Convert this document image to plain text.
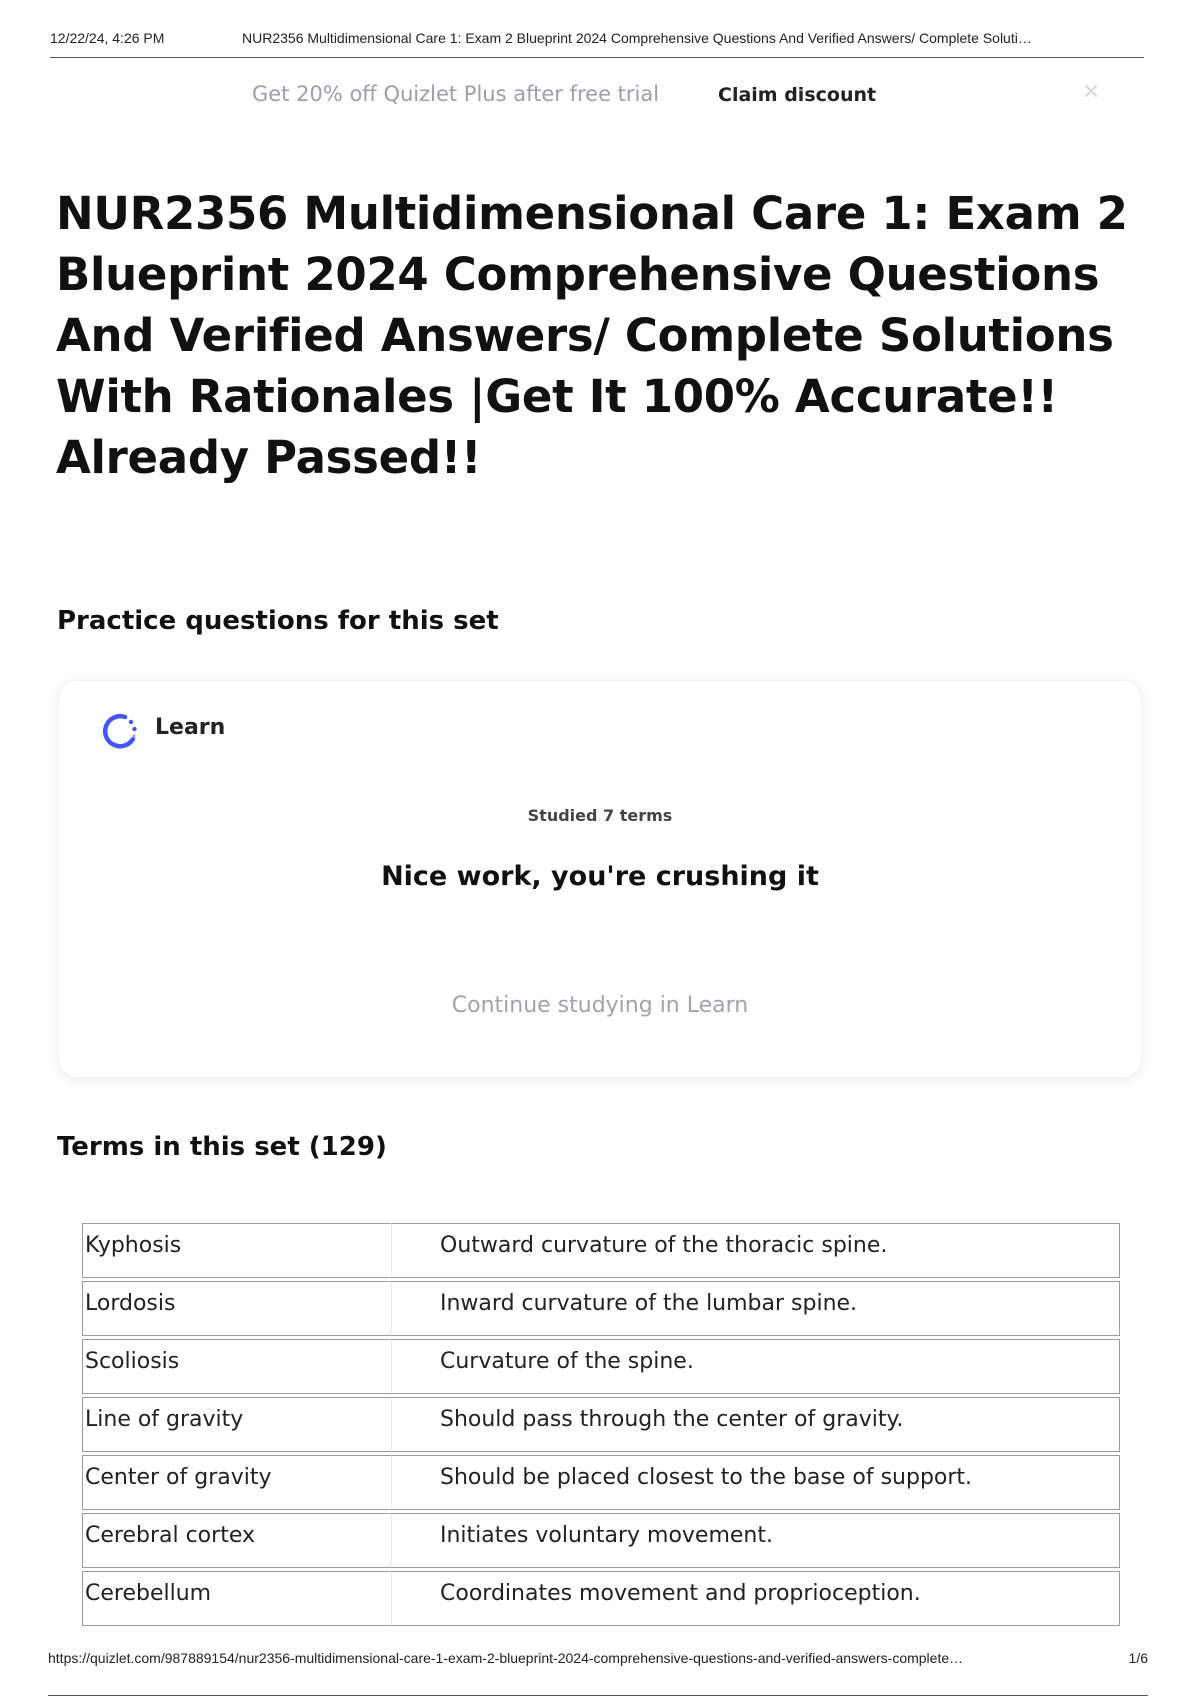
12/22/24, 4:26 PM	NUR2356 Multidimensional Care 1: Exam 2 Blueprint 2024 Comprehensive Questions And Verified Answers/ Complete Soluti…
Get 20% off Quizlet Plus after free trial	Claim discount	✕
NUR2356 Multidimensional Care 1: Exam 2 Blueprint 2024 Comprehensive Questions And Verified Answers/ Complete Solutions With Rationales |Get It 100% Accurate!! Already Passed!!
Practice questions for this set
Learn
Studied 7 terms
Nice work, you're crushing it
Continue studying in Learn
Terms in this set (129)
Kyphosis	Outward curvature of the thoracic spine.
Lordosis	Inward curvature of the lumbar spine.
Scoliosis	Curvature of the spine.
Line of gravity	Should pass through the center of gravity.
Center of gravity	Should be placed closest to the base of support.
Cerebral cortex	Initiates voluntary movement.
Cerebellum	Coordinates movement and proprioception.
https://quizlet.com/987889154/nur2356-multidimensional-care-1-exam-2-blueprint-2024-comprehensive-questions-and-verified-answers-complete…	1/6
